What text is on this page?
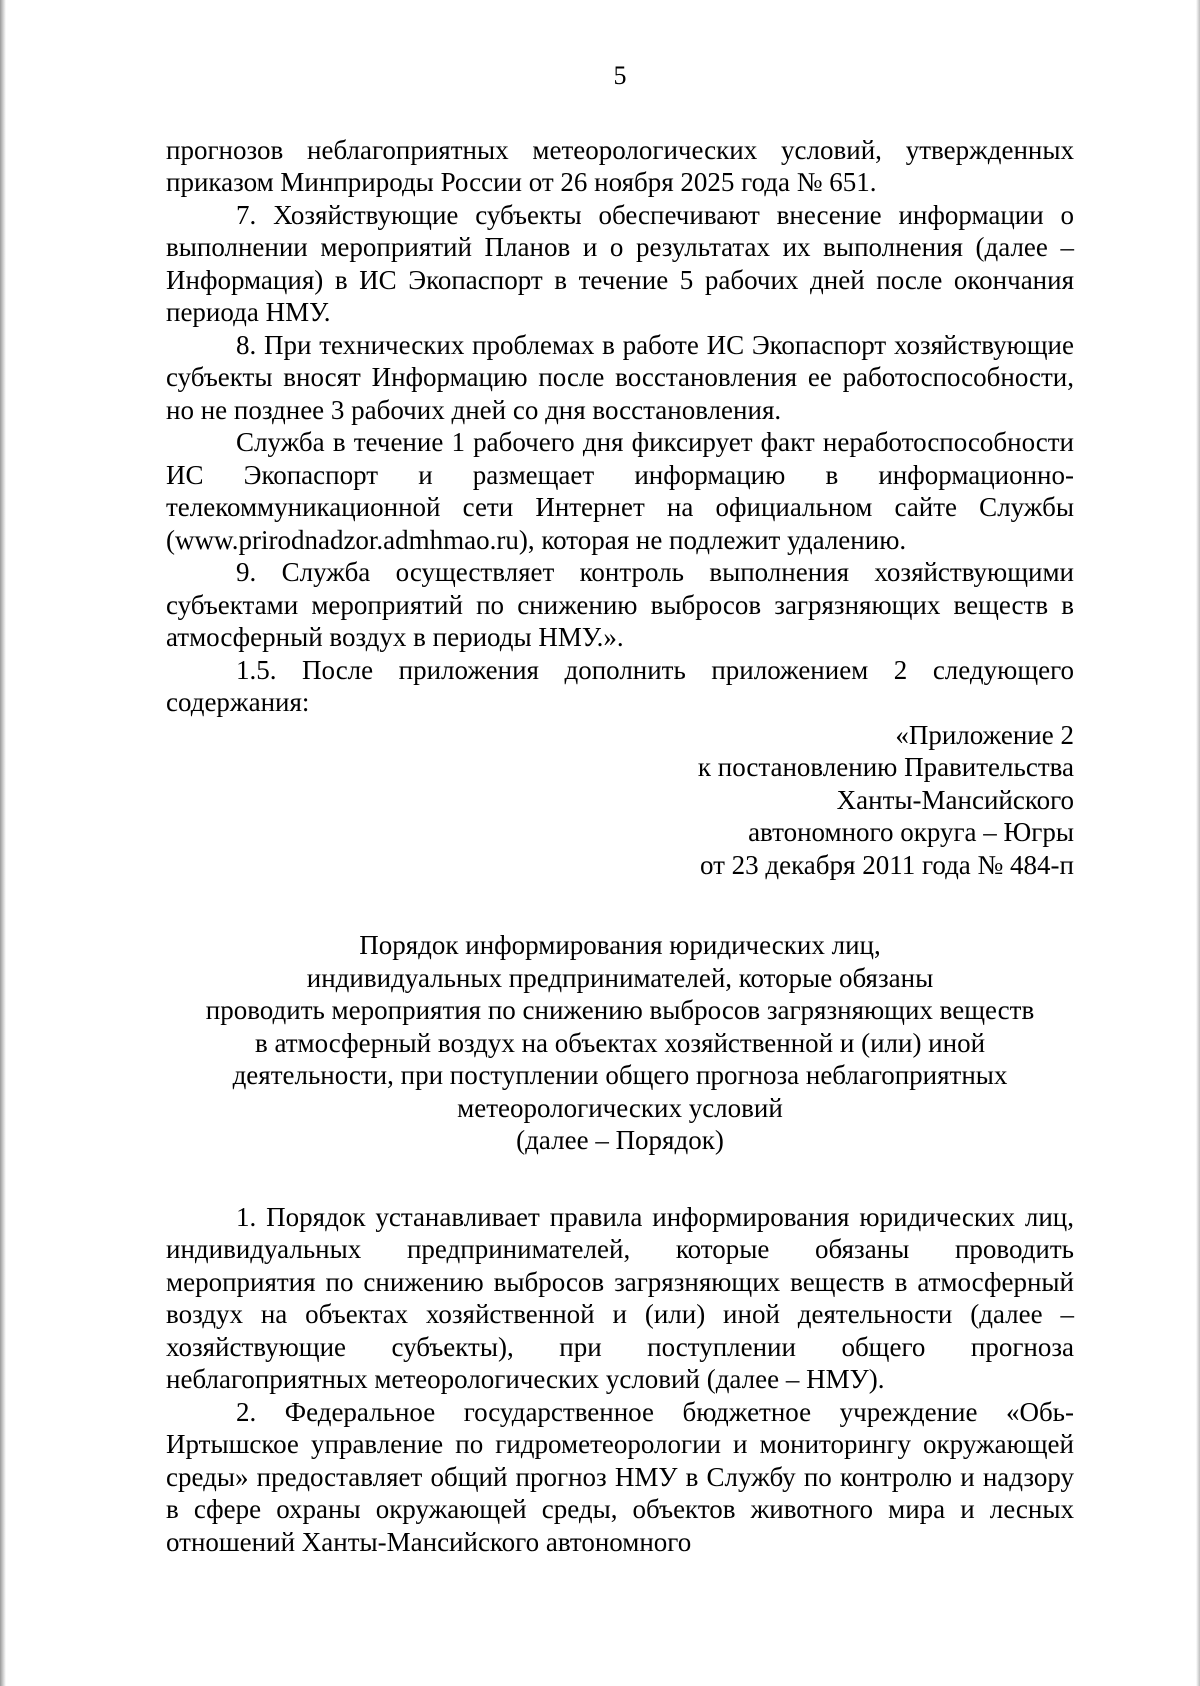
5

прогнозов неблагоприятных метеорологических условий, утвержденных приказом Минприроды России от 26 ноября 2025 года № 651.

7. Хозяйствующие субъекты обеспечивают внесение информации о выполнении мероприятий Планов и о результатах их выполнения (далее – Информация) в ИС Экопаспорт в течение 5 рабочих дней после окончания периода НМУ.

8. При технических проблемах в работе ИС Экопаспорт хозяйствующие субъекты вносят Информацию после восстановления ее работоспособности, но не позднее 3 рабочих дней со дня восстановления.

Служба в течение 1 рабочего дня фиксирует факт неработоспособности ИС Экопаспорт и размещает информацию в информационно-телекоммуникационной сети Интернет на официальном сайте Службы (www.prirodnadzor.admhmao.ru), которая не подлежит удалению.

9. Служба осуществляет контроль выполнения хозяйствующими субъектами мероприятий по снижению выбросов загрязняющих веществ в атмосферный воздух в периоды НМУ.».

1.5. После приложения дополнить приложением 2 следующего содержания:

«Приложение 2

к постановлению Правительства

Ханты-Мансийского

автономного округа – Югры

от 23 декабря 2011 года № 484-п

Порядок информирования юридических лиц,

индивидуальных предпринимателей, которые обязаны

проводить мероприятия по снижению выбросов загрязняющих веществ

в атмосферный воздух на объектах хозяйственной и (или) иной

деятельности, при поступлении общего прогноза неблагоприятных

метеорологических условий

(далее – Порядок)

1. Порядок устанавливает правила информирования юридических лиц, индивидуальных предпринимателей, которые обязаны проводить мероприятия по снижению выбросов загрязняющих веществ в атмосферный воздух на объектах хозяйственной и (или) иной деятельности (далее – хозяйствующие субъекты), при поступлении общего прогноза неблагоприятных метеорологических условий (далее – НМУ).

2. Федеральное государственное бюджетное учреждение «Обь-Иртышское управление по гидрометеорологии и мониторингу окружающей среды» предоставляет общий прогноз НМУ в Службу по контролю и надзору в сфере охраны окружающей среды, объектов животного мира и лесных отношений Ханты-Мансийского автономного
